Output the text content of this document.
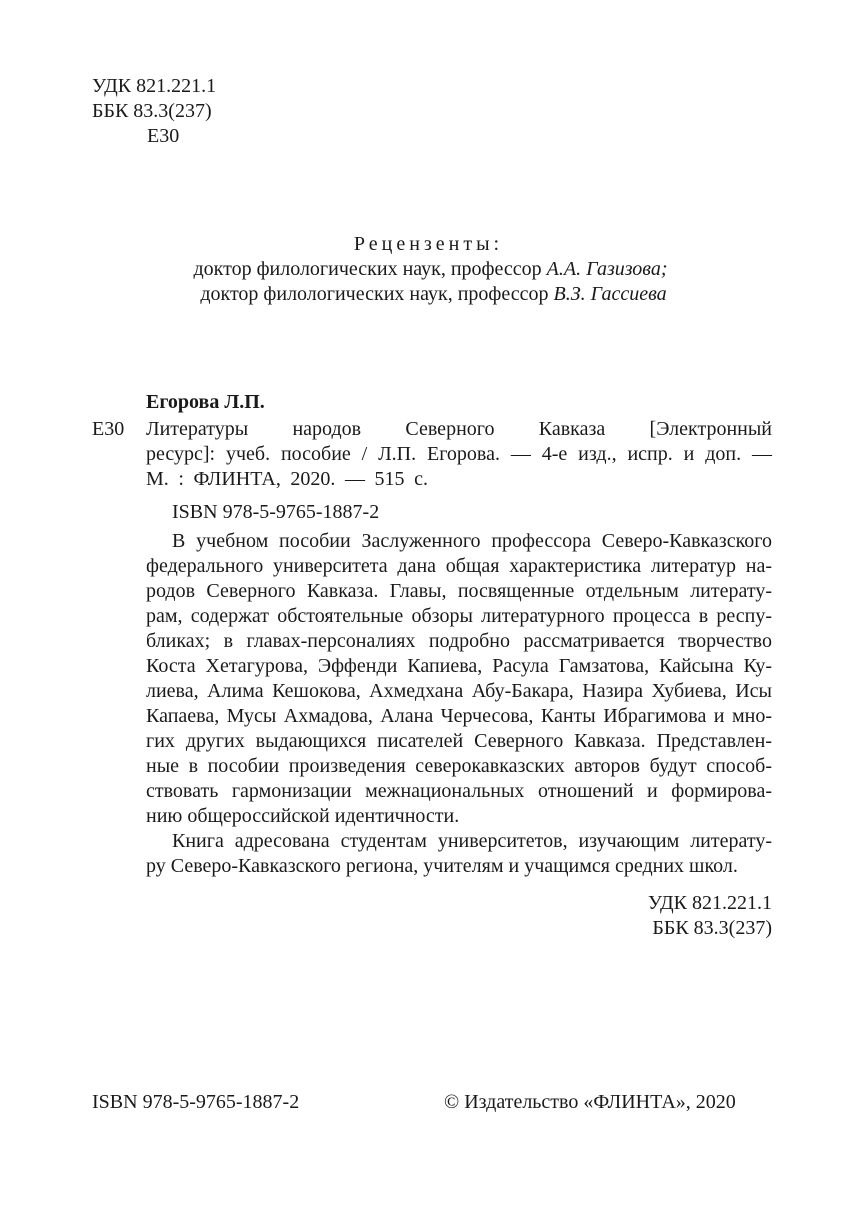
УДК 821.221.1
ББК 83.3(237)
Е30
Рецензенты:
доктор филологических наук, профессор А.А. Газизова;
доктор филологических наук, профессор В.З. Гассиева
Егорова Л.П.
Е30 Литературы народов Северного Кавказа [Электронный
ресурс]: учеб. пособие / Л.П. Егорова. — 4-е изд., испр. и доп. —
М. : ФЛИНТА, 2020. — 515 с.
ISBN 978-5-9765-1887-2
В учебном пособии Заслуженного профессора Северо-Кавказского
федерального университета дана общая характеристика литератур на-
родов Северного Кавказа. Главы, посвященные отдельным литерату-
рам, содержат обстоятельные обзоры литературного процесса в респу-
бликах; в главах-персоналиях подробно рассматривается творчество
Коста Хетагурова, Эффенди Капиева, Расула Гамзатова, Кайсына Ку-
лиева, Алима Кешокова, Ахмедхана Абу-Бакара, Назира Хубиева, Исы
Капаева, Мусы Ахмадова, Алана Черчесова, Канты Ибрагимова и мно-
гих других выдающихся писателей Северного Кавказа. Представлен-
ные в пособии произведения северокавказских авторов будут способ-
ствовать гармонизации межнациональных отношений и формирова-
нию общероссийской идентичности.
Книга адресована студентам университетов, изучающим литерату-
ру Северо-Кавказского региона, учителям и учащимся средних школ.
УДК 821.221.1
ББК 83.3(237)
ISBN 978-5-9765-1887-2	© Издательство «ФЛИНТА», 2020
